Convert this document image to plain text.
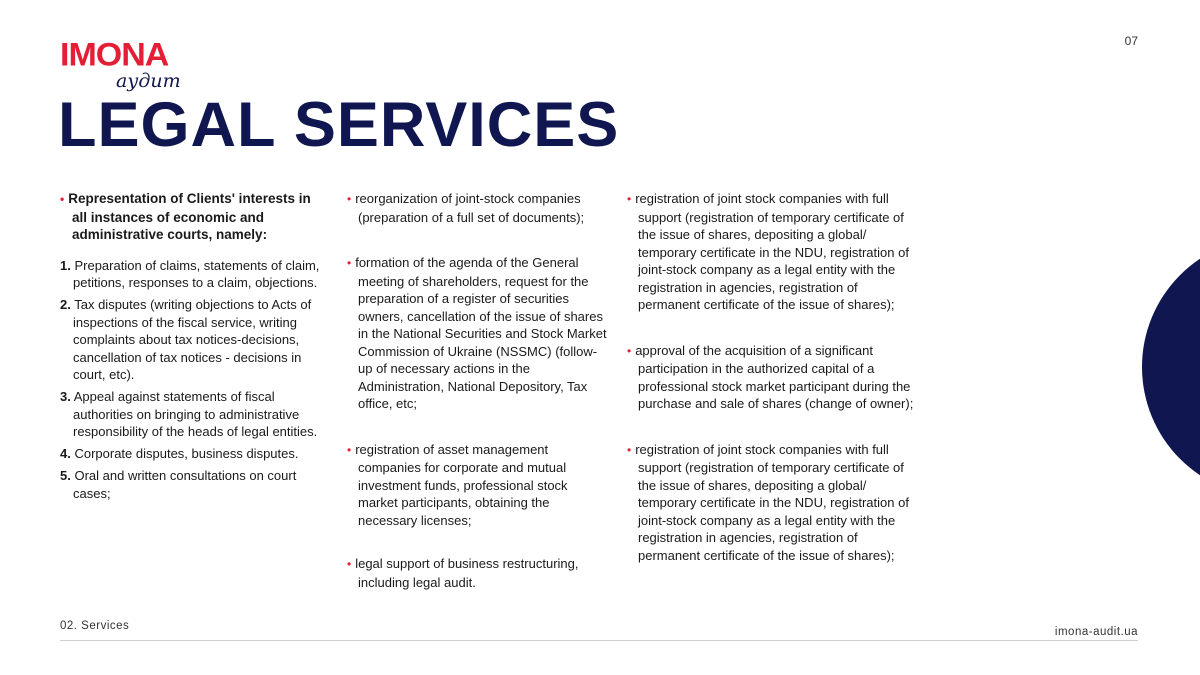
IMONA
аудит
07
LEGAL SERVICES
• Representation of Clients' interests in all instances of economic and administrative courts, namely:
1. Preparation of claims, statements of claim, petitions, responses to a claim, objections.
2. Tax disputes (writing objections to Acts of inspections of the fiscal service, writing complaints about tax notices-decisions, cancellation of tax notices - decisions in court, etc).
3. Appeal against statements of fiscal authorities on bringing to administrative responsibility of the heads of legal entities.
4. Corporate disputes, business disputes.
5. Oral and written consultations on court cases;
• reorganization of joint-stock companies (preparation of a full set of documents);
• formation of the agenda of the General meeting of shareholders, request for the preparation of a register of securities owners, cancellation of the issue of shares in the National Securities and Stock Market Commission of Ukraine (NSSMC) (follow-up of necessary actions in the Administration, National Depository, Tax office, etc;
• registration of asset management companies for corporate and mutual investment funds, professional stock market participants, obtaining the necessary licenses;
• legal support of business restructuring, including legal audit.
• registration of joint stock companies with full support (registration of temporary certificate of the issue of shares, depositing a global/ temporary certificate in the NDU, registration of joint-stock company as a legal entity with the registration in agencies, registration of permanent certificate of the issue of shares);
• approval of the acquisition of a significant participation in the authorized capital of a professional stock market participant during the purchase and sale of shares (change of owner);
• registration of joint stock companies with full support (registration of temporary certificate of the issue of shares, depositing a global/ temporary certificate in the NDU, registration of joint-stock company as a legal entity with the registration in agencies, registration of permanent certificate of the issue of shares);
02. Services	imona-audit.ua
